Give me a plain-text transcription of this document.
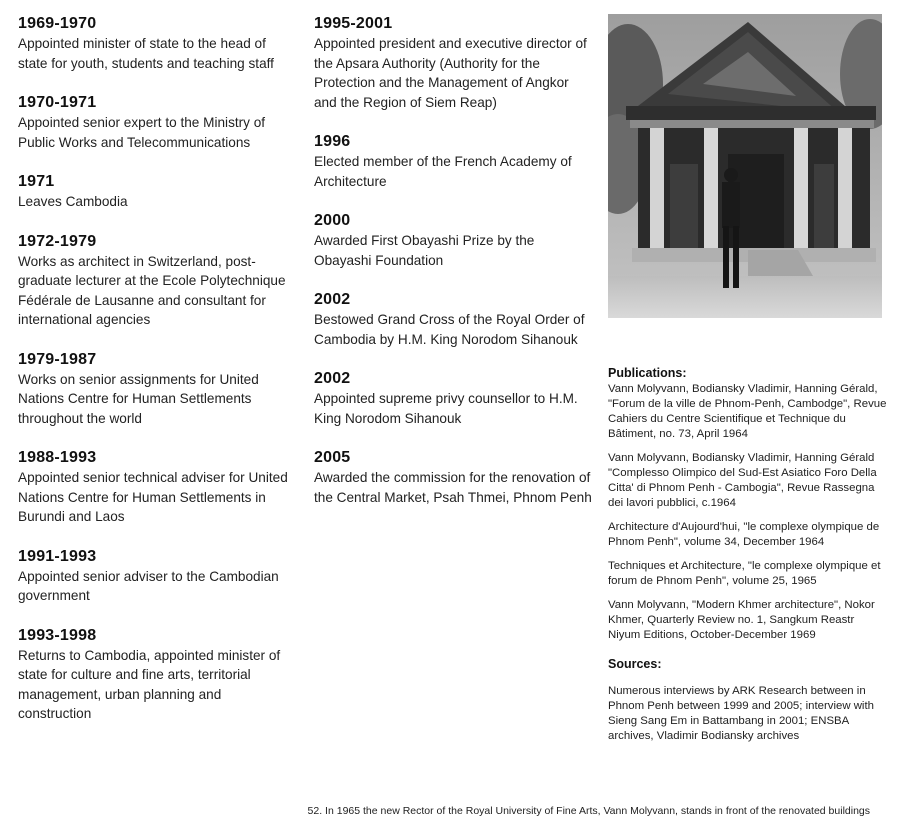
1969-1970

Appointed minister of state to the head of state for youth, students and teaching staff

1970-1971

Appointed senior expert to the Ministry of Public Works and Telecommunications

1971

Leaves Cambodia

1972-1979

Works as architect in Switzerland, post-graduate lecturer at the Ecole Polytechnique Fédérale de Lausanne and consultant for international agencies

1979-1987

Works on senior assignments for United Nations Centre for Human Settlements throughout the world

1988-1993

Appointed senior technical adviser for United Nations Centre for Human Settlements in Burundi and Laos

1991-1993

Appointed senior adviser to the Cambodian government

1993-1998

Returns to Cambodia, appointed minister of state for culture and fine arts, territorial management, urban planning and construction

1995-2001

Appointed president and executive director of the Apsara Authority (Authority for the Protection and the Management of Angkor and the Region of Siem Reap)

1996

Elected member of the French Academy of Architecture

2000

Awarded First Obayashi Prize by the Obayashi Foundation

2002

Bestowed Grand Cross of the Royal Order of Cambodia by H.M. King Norodom Sihanouk

2002

Appointed supreme privy counsellor to H.M. King Norodom Sihanouk

2005

Awarded the commission for the renovation of the Central Market, Psah Thmei, Phnom Penh

Publications:

Vann Molyvann, Bodiansky Vladimir, Hanning Gérald, "Forum de la ville de Phnom-Penh, Cambodge", Revue Cahiers du Centre Scientifique et Technique du Bâtiment, no. 73, April 1964

Vann Molyvann, Bodiansky Vladimir, Hanning Gérald "Complesso Olimpico del Sud-Est Asiatico Foro Della Citta' di Phnom Penh - Cambogia", Revue Rassegna dei lavori pubblici, c.1964

Architecture d'Aujourd'hui, "le complexe olympique de Phnom Penh", volume 34, December 1964

Techniques et Architecture, "le complexe olympique et forum de Phnom Penh", volume 25, 1965

Vann Molyvann, "Modern Khmer architecture", Nokor Khmer, Quarterly Review no. 1, Sangkum Reastr Niyum Editions, October-December 1969

Sources:

Numerous interviews by ARK Research between in Phnom Penh between 1999 and 2005; interview with Sieng Sang Em in Battambang in 2001; ENSBA archives, Vladimir Bodiansky archives

52. In 1965 the new Rector of the Royal University of Fine Arts, Vann Molyvann, stands in front of the renovated buildings
